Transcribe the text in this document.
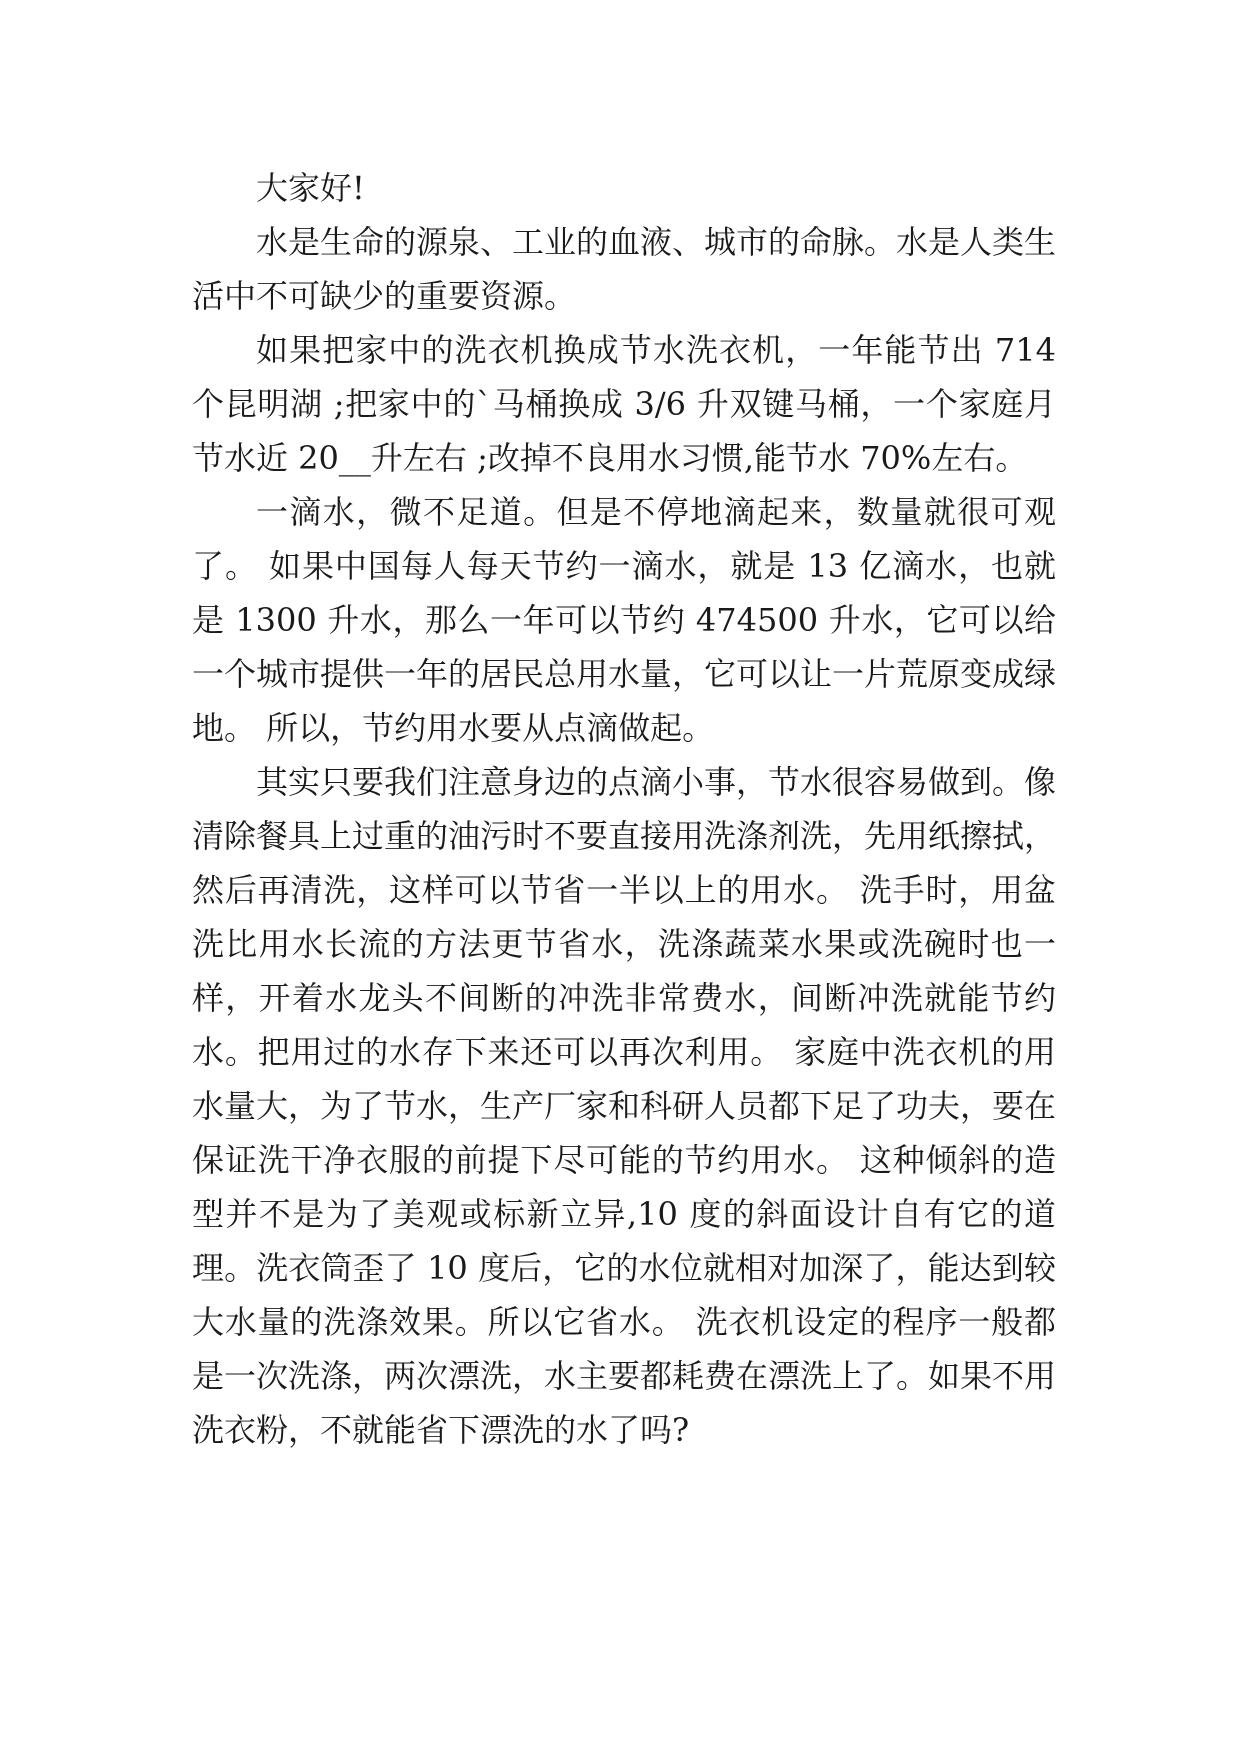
大家好!

水是生命的源泉、工业的血液、城市的命脉。水是人类生活中不可缺少的重要资源。

如果把家中的洗衣机换成节水洗衣机，一年能节出 714 个昆明湖 ;把家中的`马桶换成 3/6 升双键马桶，一个家庭月节水近 20__升左右 ;改掉不良用水习惯,能节水 70%左右。

一滴水，微不足道。但是不停地滴起来，数量就很可观了。 如果中国每人每天节约一滴水，就是 13 亿滴水，也就是 1300 升水，那么一年可以节约 474500 升水，它可以给一个城市提供一年的居民总用水量，它可以让一片荒原变成绿地。 所以，节约用水要从点滴做起。

其实只要我们注意身边的点滴小事，节水很容易做到。像清除餐具上过重的油污时不要直接用洗涤剂洗，先用纸擦拭，然后再清洗，这样可以节省一半以上的用水。 洗手时，用盆洗比用水长流的方法更节省水，洗涤蔬菜水果或洗碗时也一样，开着水龙头不间断的冲洗非常费水，间断冲洗就能节约水。把用过的水存下来还可以再次利用。 家庭中洗衣机的用水量大，为了节水，生产厂家和科研人员都下足了功夫，要在保证洗干净衣服的前提下尽可能的节约用水。 这种倾斜的造型并不是为了美观或标新立异,10 度的斜面设计自有它的道理。洗衣筒歪了 10 度后，它的水位就相对加深了，能达到较大水量的洗涤效果。所以它省水。 洗衣机设定的程序一般都是一次洗涤，两次漂洗，水主要都耗费在漂洗上了。如果不用洗衣粉，不就能省下漂洗的水了吗?
